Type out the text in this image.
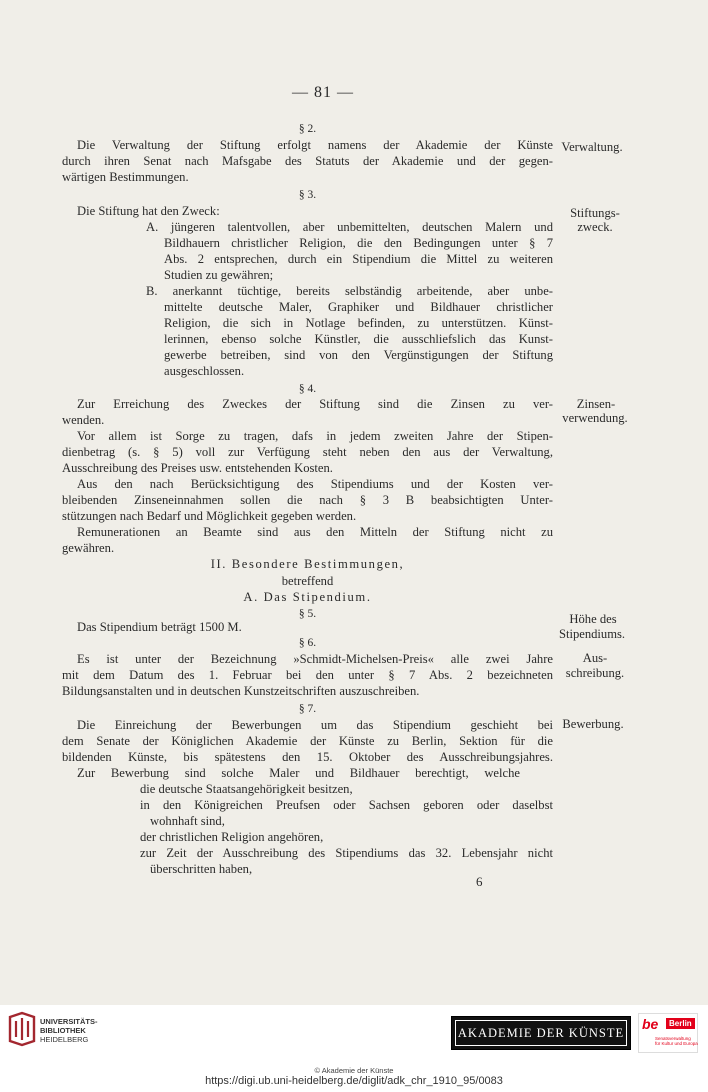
— 81 —
§ 2.
Die Verwaltung der Stiftung erfolgt namens der Akademie der Künste
durch ihren Senat nach Mafsgabe des Statuts der Akademie und der gegen-
wärtigen Bestimmungen.
Verwaltung.
§ 3.
Die Stiftung hat den Zweck:	Stiftungs-
zweck.
A. jüngeren talentvollen, aber unbemittelten, deutschen Malern und
Bildhauern christlicher Religion, die den Bedingungen unter § 7
Abs. 2 entsprechen, durch ein Stipendium die Mittel zu weiteren
Studien zu gewähren;
B. anerkannt tüchtige, bereits selbständig arbeitende, aber unbe-
mittelte deutsche Maler, Graphiker und Bildhauer christlicher
Religion, die sich in Notlage befinden, zu unterstützen. Künst-
lerinnen, ebenso solche Künstler, die ausschliefslich das Kunst-
gewerbe betreiben, sind von den Vergünstigungen der Stiftung
ausgeschlossen.
§ 4.
Zur Erreichung des Zweckes der Stiftung sind die Zinsen zu ver-
wenden.
Zinsen-
verwendung.
Vor allem ist Sorge zu tragen, dafs in jedem zweiten Jahre der Stipen-
dienbetrag (s. § 5) voll zur Verfügung steht neben den aus der Verwaltung,
Ausschreibung des Preises usw. entstehenden Kosten.
Aus den nach Berücksichtigung des Stipendiums und der Kosten ver-
bleibenden Zinseneinnahmen sollen die nach § 3 B beabsichtigten Unter-
stützungen nach Bedarf und Möglichkeit gegeben werden.
Remunerationen an Beamte sind aus den Mitteln der Stiftung nicht zu
gewähren.
II. Besondere Bestimmungen,
betreffend
A. Das Stipendium.
§ 5.
Das Stipendium beträgt 1500 M.
Höhe des
Stipendiums.
§ 6.
Es ist unter der Bezeichnung »Schmidt-Michelsen-Preis« alle zwei Jahre
mit dem Datum des 1. Februar bei den unter § 7 Abs. 2 bezeichneten
Bildungsanstalten und in deutschen Kunstzeitschriften auszuschreiben.
Aus-
schreibung.
§ 7.
Die Einreichung der Bewerbungen um das Stipendium geschieht bei Bewerbung.
dem Senate der Königlichen Akademie der Künste zu Berlin, Sektion für die
bildenden Künste, bis spätestens den 15. Oktober des Ausschreibungsjahres.
Zur Bewerbung sind solche Maler und Bildhauer berechtigt, welche
die deutsche Staatsangehörigkeit besitzen,
in den Königreichen Preufsen oder Sachsen geboren oder daselbst
wohnhaft sind,
der christlichen Religion angehören,
zur Zeit der Ausschreibung des Stipendiums das 32. Lebensjahr nicht
überschritten haben,
6
UNIVERSITÄTS-
BIBLIOTHEK
HEIDELBERG	AKADEMIE DER KÜNSTE
be	Berlin
Senatsverwaltung
für Kultur und Europa
© Akademie der Künste
https://digi.ub.uni-heidelberg.de/diglit/adk_chr_1910_95/0083
